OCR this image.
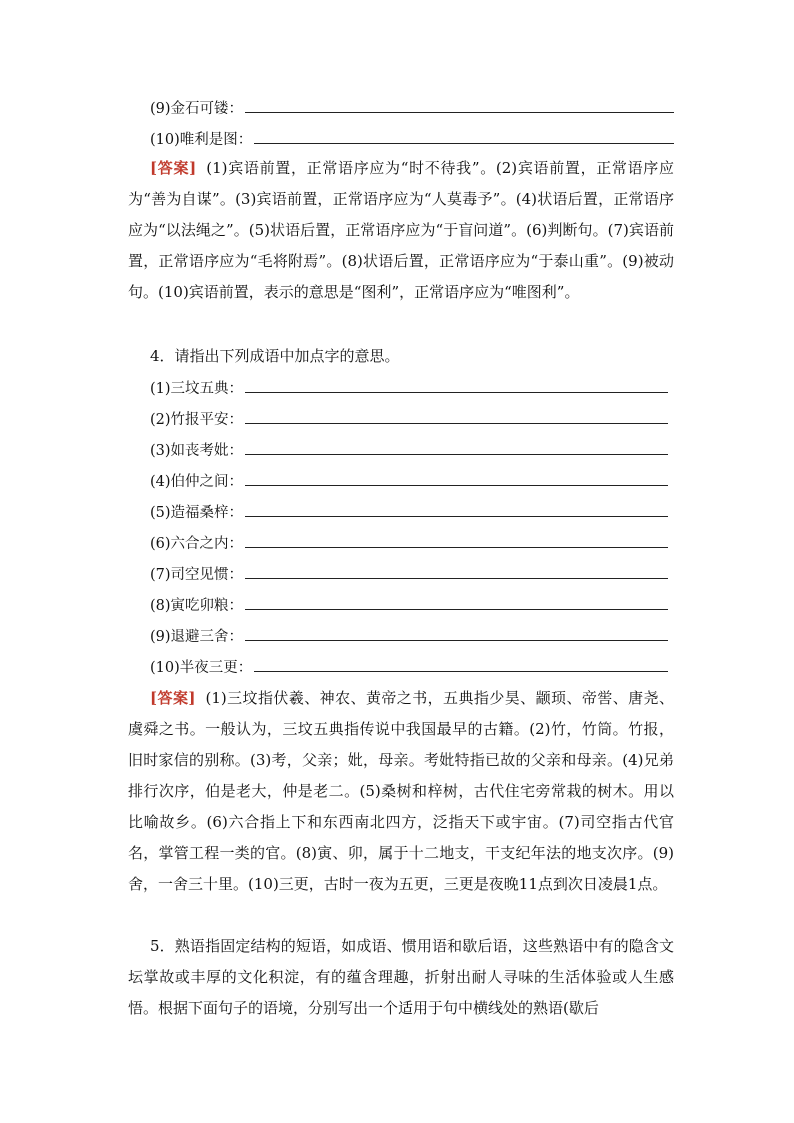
(9)金石可镂：
(10)唯利是图：

[答案] (1)宾语前置，正常语序应为“时不待我”。(2)宾语前置，正常语序应为“善为自谋”。(3)宾语前置，正常语序应为“人莫毒予”。(4)状语后置，正常语序应为“以法绳之”。(5)状语后置，正常语序应为“于盲问道”。(6)判断句。(7)宾语前置，正常语序应为“毛将附焉”。(8)状语后置，正常语序应为“于泰山重”。(9)被动句。(10)宾语前置，表示的意思是“图利”，正常语序应为“唯图利”。

4．请指出下列成语中加点字的意思。

(1)三坟五典：
(2)竹报平安：
(3)如丧考妣：
(4)伯仲之间：
(5)造福桑梓：
(6)六合之内：
(7)司空见惯：
(8)寅吃卯粮：
(9)退避三舍：
(10)半夜三更：

[答案] (1)三坟指伏羲、神农、黄帝之书，五典指少昊、颛顼、帝喾、唐尧、虞舜之书。一般认为，三坟五典指传说中我国最早的古籍。(2)竹，竹筒。竹报，旧时家信的别称。(3)考，父亲；妣，母亲。考妣特指已故的父亲和母亲。(4)兄弟排行次序，伯是老大，仲是老二。(5)桑树和梓树，古代住宅旁常栽的树木。用以比喻故乡。(6)六合指上下和东西南北四方，泛指天下或宇宙。(7)司空指古代官名，掌管工程一类的官。(8)寅、卯，属于十二地支，干支纪年法的地支次序。(9)舍，一舍三十里。(10)三更，古时一夜为五更，三更是夜晚11点到次日凌晨1点。

5．熟语指固定结构的短语，如成语、惯用语和歇后语，这些熟语中有的隐含文坛掌故或丰厚的文化积淀，有的蕴含理趣，折射出耐人寻味的生活体验或人生感悟。根据下面句子的语境，分别写出一个适用于句中横线处的熟语(歇后
